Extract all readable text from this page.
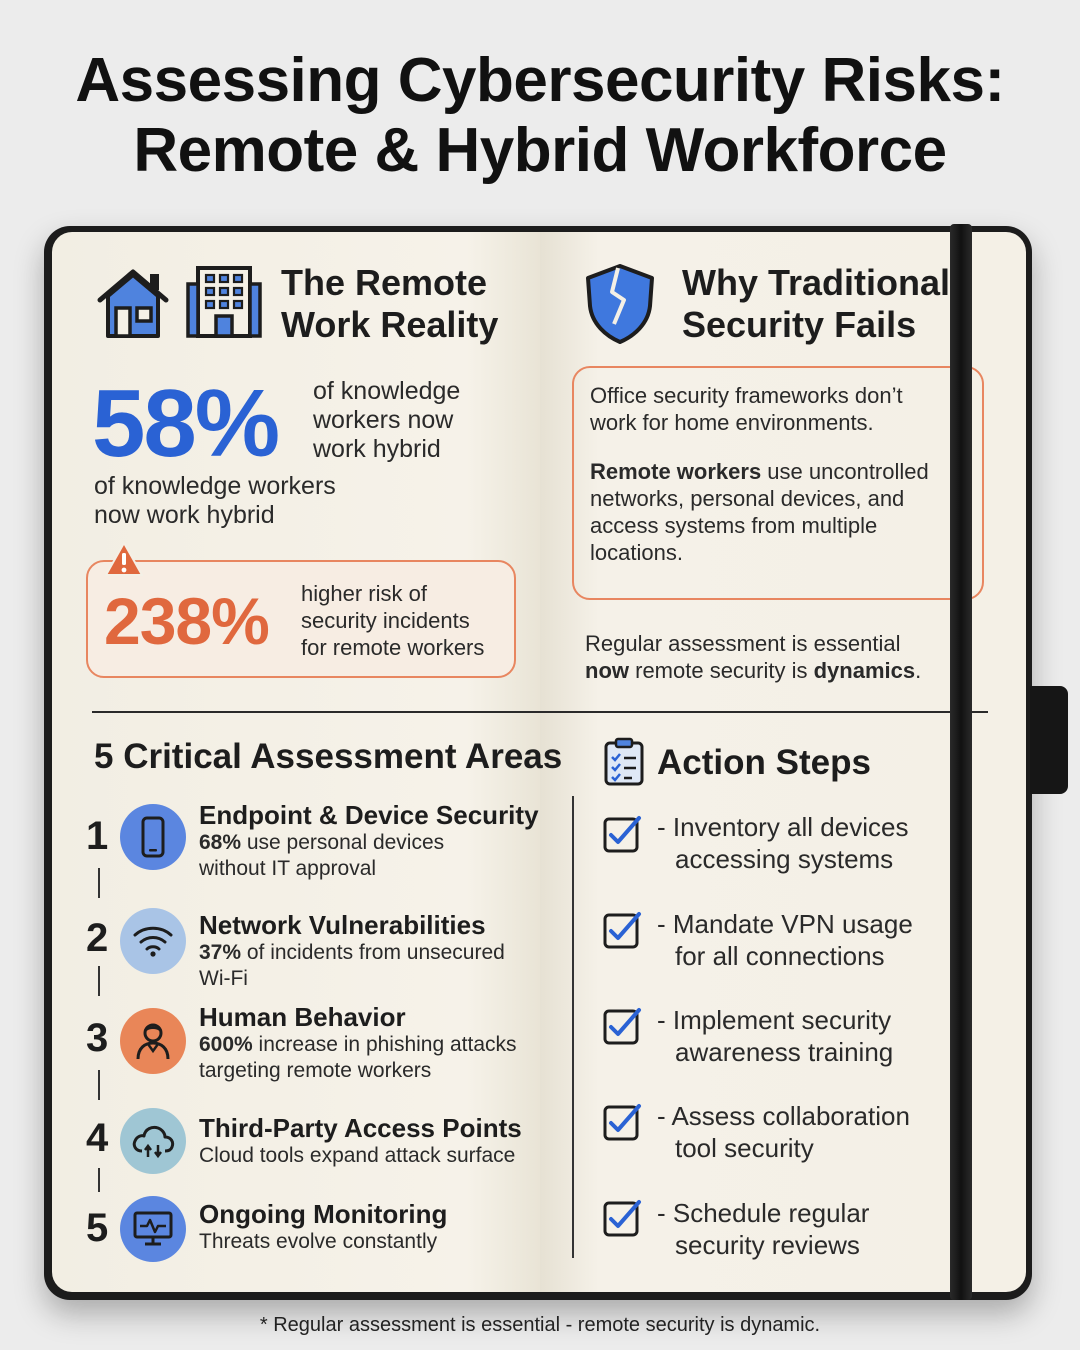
Assessing Cybersecurity Risks:
Remote & Hybrid Workforce
The Remote
Work Reality
58% of knowledge
workers now
work hybrid
of knowledge workers
now work hybrid
238% higher risk of
security incidents
for remote workers
Why Traditional
Security Fails
Office security frameworks don’t
work for home environments.
Remote workers use uncontrolled
networks, personal devices, and
access systems from multiple
locations.
Regular assessment is essential
now remote security is dynamics.
5 Critical Assessment Areas
1	Endpoint & Device Security
68% use personal devices
without IT approval
2	Network Vulnerabilities
37% of incidents from unsecured
Wi-Fi
3	Human Behavior
600% increase in phishing attacks
targeting remote workers
4	Third-Party Access Points
Cloud tools expand attack surface
5	Ongoing Monitoring
Threats evolve constantly
Action Steps
- Inventory all devices
accessing systems
- Mandate VPN usage
for all connections
- Implement security
awareness training
- Assess collaboration
tool security
- Schedule regular
security reviews
* Regular assessment is essential - remote security is dynamic.
